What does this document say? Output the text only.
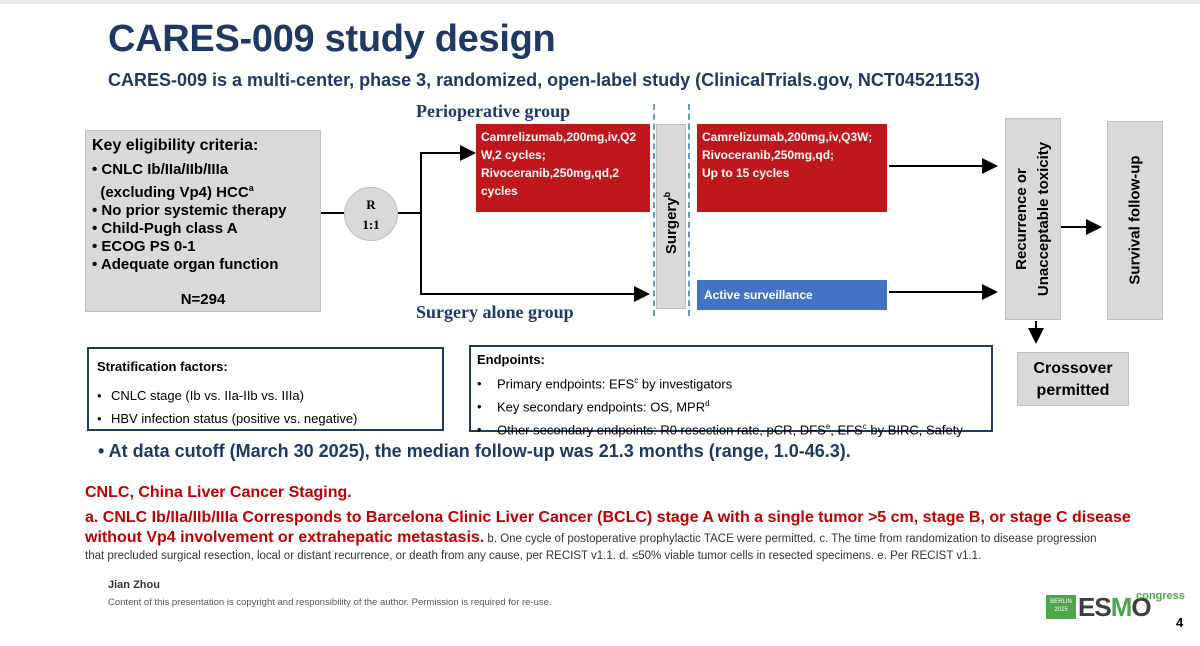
CARES-009 study design
CARES-009 is a multi-center, phase 3, randomized, open-label study (ClinicalTrials.gov, NCT04521153)
Perioperative group
Surgery alone group
Key eligibility criteria:
• CNLC Ib/IIa/IIb/IIIa
(excluding Vp4) HCC$^a$
• No prior systemic therapy
• Child-Pugh class A
• ECOG PS 0-1
• Adequate organ function
N=294
R
1:1
Camrelizumab,200mg,iv,Q2
W,2 cycles;
Rivoceranib,250mg,qd,2
cycles
Surgery$^b$
Camrelizumab,200mg,iv,Q3W;
Rivoceranib,250mg,qd;
Up to 15 cycles
Active surveillance
Recurrence or Unacceptable toxicity	Survival follow-up
Crossover
permitted
Stratification factors:
• CNLC stage (Ib vs. IIa-IIb vs. IIIa)
• HBV infection status (positive vs. negative)
Endpoints:
• Primary endpoints: EFS$^c$ by investigators
• Key secondary endpoints: OS, MPR$^d$
• Other secondary endpoints: R0 resection rate, pCR, DFS$^e$, EFS$^c$ by BIRC, Safety
• At data cutoff (March 30 2025), the median follow-up was 21.3 months (range, 1.0-46.3).
CNLC, China Liver Cancer Staging.
a. CNLC Ib/IIa/IIb/IIIa Corresponds to Barcelona Clinic Liver Cancer (BCLC) stage A with a single tumor >5 cm, stage B, or stage C disease without Vp4 involvement or extrahepatic metastasis. b. One cycle of postoperative prophylactic TACE were permitted. c. The time from randomization to disease progression
that precluded surgical resection, local or distant recurrence, or death from any cause, per RECIST v1.1. d. ≤50% viable tumor cells in resected specimens. e. Per RECIST v1.1.
Jian Zhou
Content of this presentation is copyright and responsibility of the author. Permission is required for re-use.	BERLIN
2025 ESMO
congress
4
